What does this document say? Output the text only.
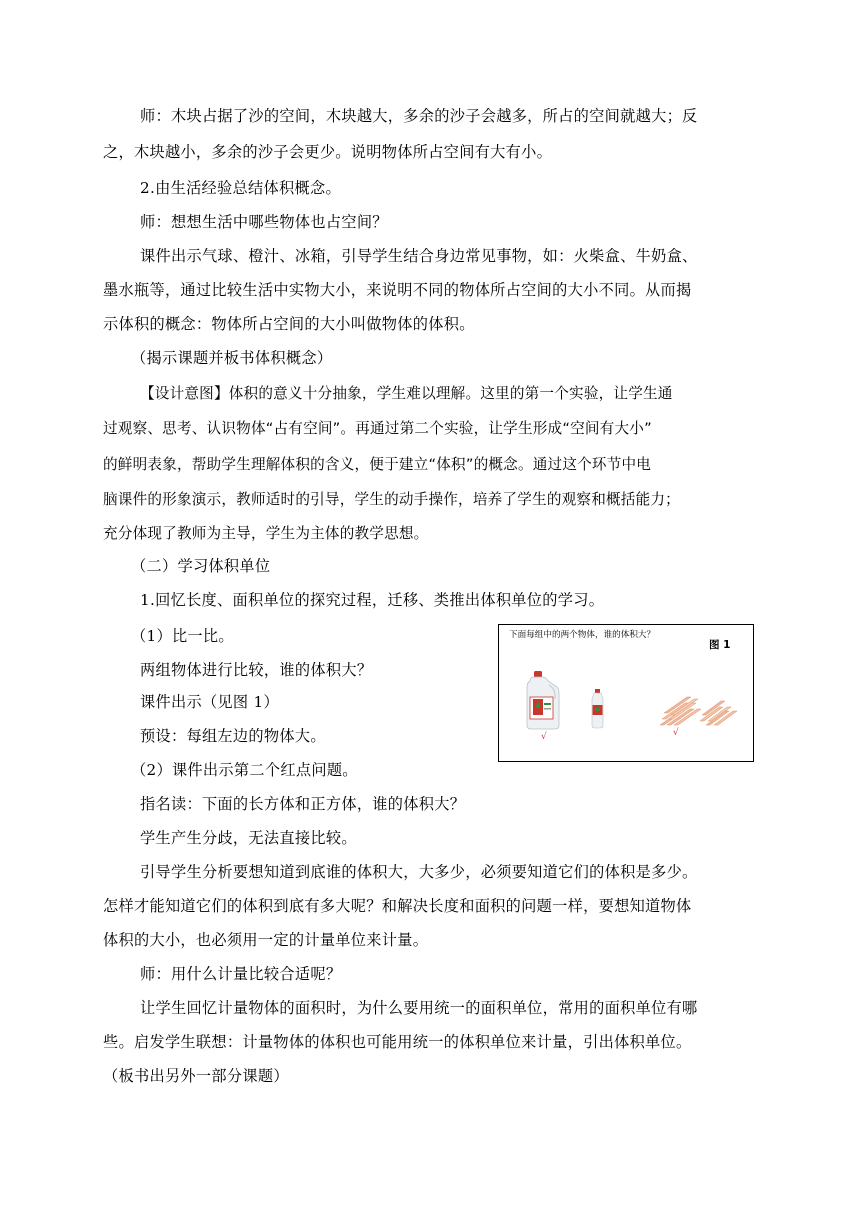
师：木块占据了沙的空间，木块越大，多余的沙子会越多，所占的空间就越大；反
之，木块越小，多余的沙子会更少。说明物体所占空间有大有小。
2.由生活经验总结体积概念。
师：想想生活中哪些物体也占空间？
课件出示气球、橙汁、冰箱，引导学生结合身边常见事物，如：火柴盒、牛奶盒、
墨水瓶等，通过比较生活中实物大小，来说明不同的物体所占空间的大小不同。从而揭
示体积的概念：物体所占空间的大小叫做物体的体积。
（揭示课题并板书体积概念）
【设计意图】体积的意义十分抽象，学生难以理解。这里的第一个实验，让学生通
过观察、思考、认识物体“占有空间”。再通过第二个实验，让学生形成“空间有大小”
的鲜明表象，帮助学生理解体积的含义，便于建立“体积”的概念。通过这个环节中电
脑课件的形象演示，教师适时的引导，学生的动手操作，培养了学生的观察和概括能力；
充分体现了教师为主导，学生为主体的教学思想。
（二）学习体积单位
1.回忆长度、面积单位的探究过程，迁移、类推出体积单位的学习。
（1）比一比。
两组物体进行比较，谁的体积大？
课件出示（见图 1）
预设：每组左边的物体大。
（2）课件出示第二个红点问题。
指名读：下面的长方体和正方体，谁的体积大？
学生产生分歧，无法直接比较。
引导学生分析要想知道到底谁的体积大，大多少，必须要知道它们的体积是多少。
怎样才能知道它们的体积到底有多大呢？和解决长度和面积的问题一样，要想知道物体
体积的大小，也必须用一定的计量单位来计量。
师：用什么计量比较合适呢？
让学生回忆计量物体的面积时，为什么要用统一的面积单位，常用的面积单位有哪
些。启发学生联想：计量物体的体积也可能用统一的体积单位来计量，引出体积单位。
（板书出另外一部分课题）
下面每组中的两个物体，谁的体积大？
图 1
√	√
